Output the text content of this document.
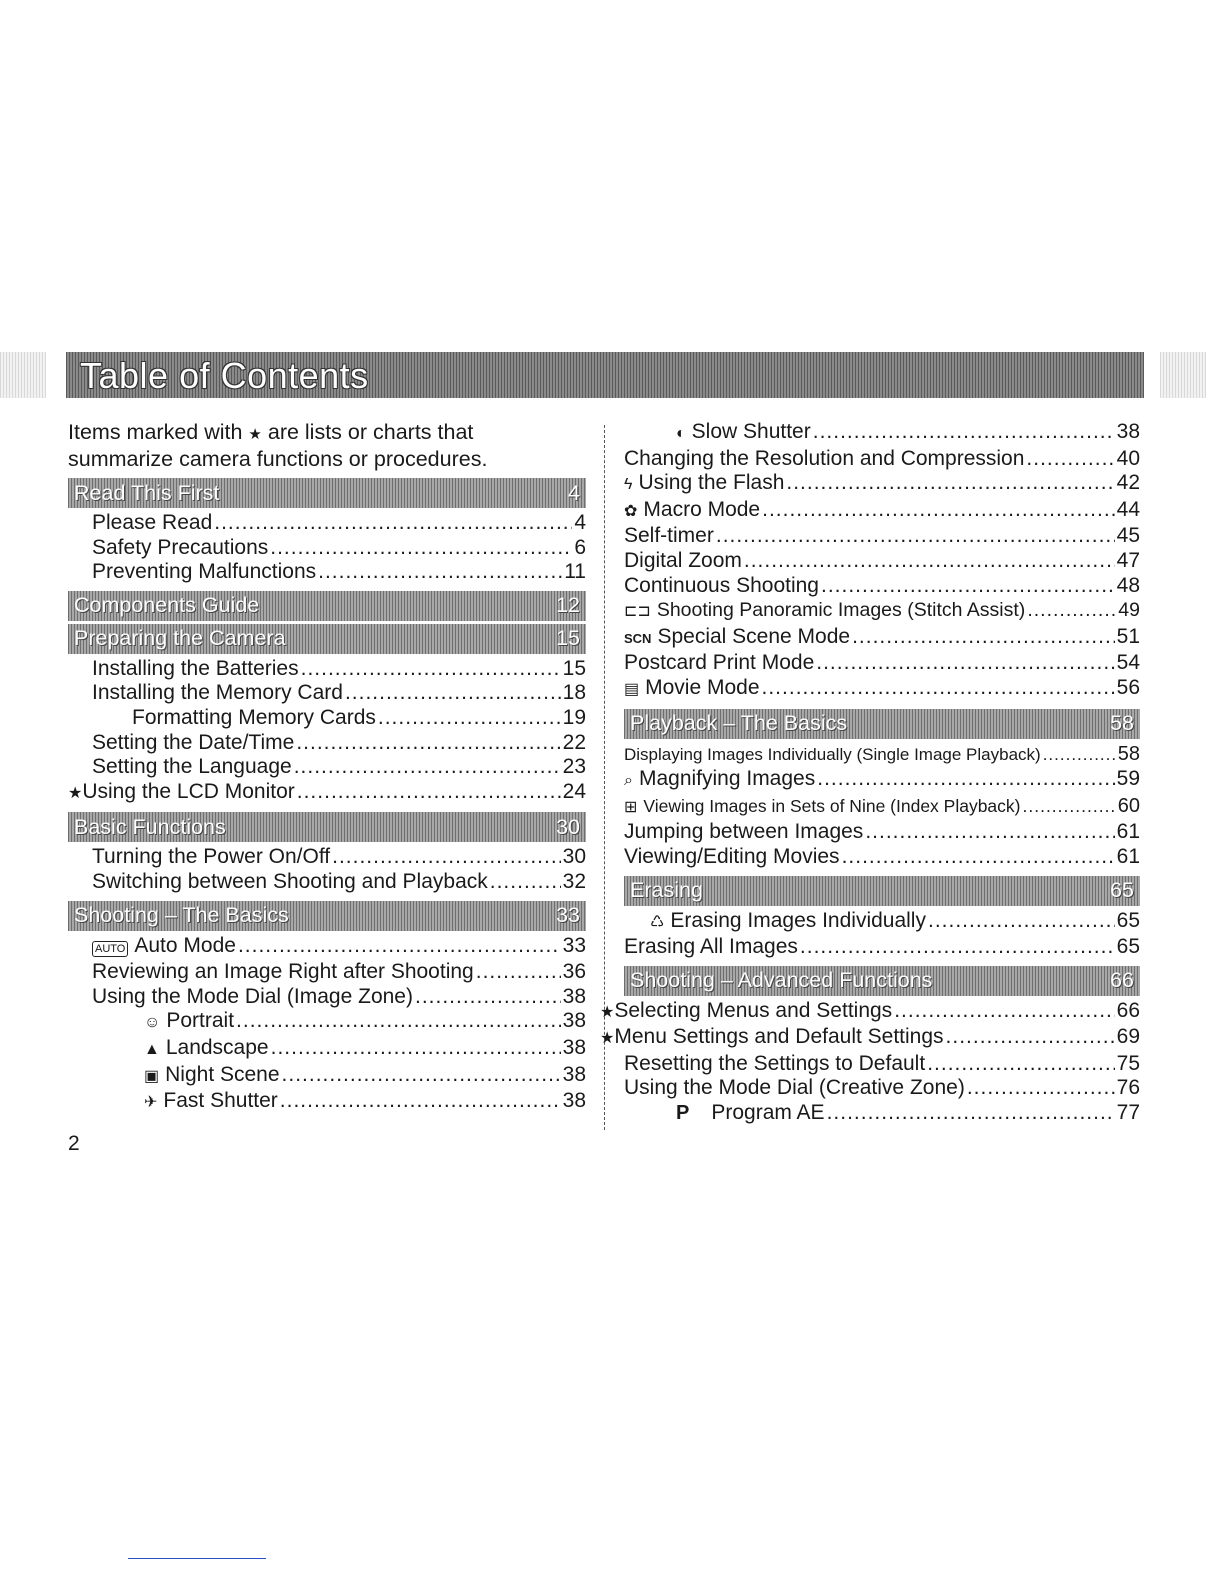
Table of Contents
Items marked with ★ are lists or charts that
summarize camera functions or procedures.
Read This First	4
Please Read .....	4
Safety Precautions .....	6
Preventing Malfunctions .....	11
Components Guide	12
Preparing the Camera	15
Installing the Batteries .....	15
Installing the Memory Card .....	18
Formatting Memory Cards .....	19
Setting the Date/Time .....	22
Setting the Language .....	23
★ Using the LCD Monitor .....	24
Basic Functions	30
Turning the Power On/Off .....	30
Switching between Shooting and Playback .....	32
Shooting – The Basics	33
AUTO Auto Mode .....	33
Reviewing an Image Right after Shooting .....	36
Using the Mode Dial (Image Zone) .....	38
☺ Portrait .....	38
▲ Landscape .....	38
▣ Night Scene .....	38
✈ Fast Shutter .....	38
◐ Slow Shutter .....	38
Changing the Resolution and Compression .....	40
ϟ Using the Flash .....	42
✿ Macro Mode .....	44
Self-timer .....	45
Digital Zoom .....	47
Continuous Shooting .....	48
⊏⊐ Shooting Panoramic Images (Stitch Assist) .....	49
SCN Special Scene Mode .....	51
Postcard Print Mode .....	54
▤ Movie Mode .....	56
Playback – The Basics	58
Displaying Images Individually (Single Image Playback) .....	58
⌕ Magnifying Images .....	59
⊞ Viewing Images in Sets of Nine (Index Playback) .....	60
Jumping between Images .....	61
Viewing/Editing Movies .....	61
Erasing	65
♺ Erasing Images Individually .....	65
Erasing All Images .....	65
Shooting – Advanced Functions	66
★ Selecting Menus and Settings .....	66
★ Menu Settings and Default Settings .....	69
Resetting the Settings to Default .....	75
Using the Mode Dial (Creative Zone) .....	76
P Program AE .....	77
2
